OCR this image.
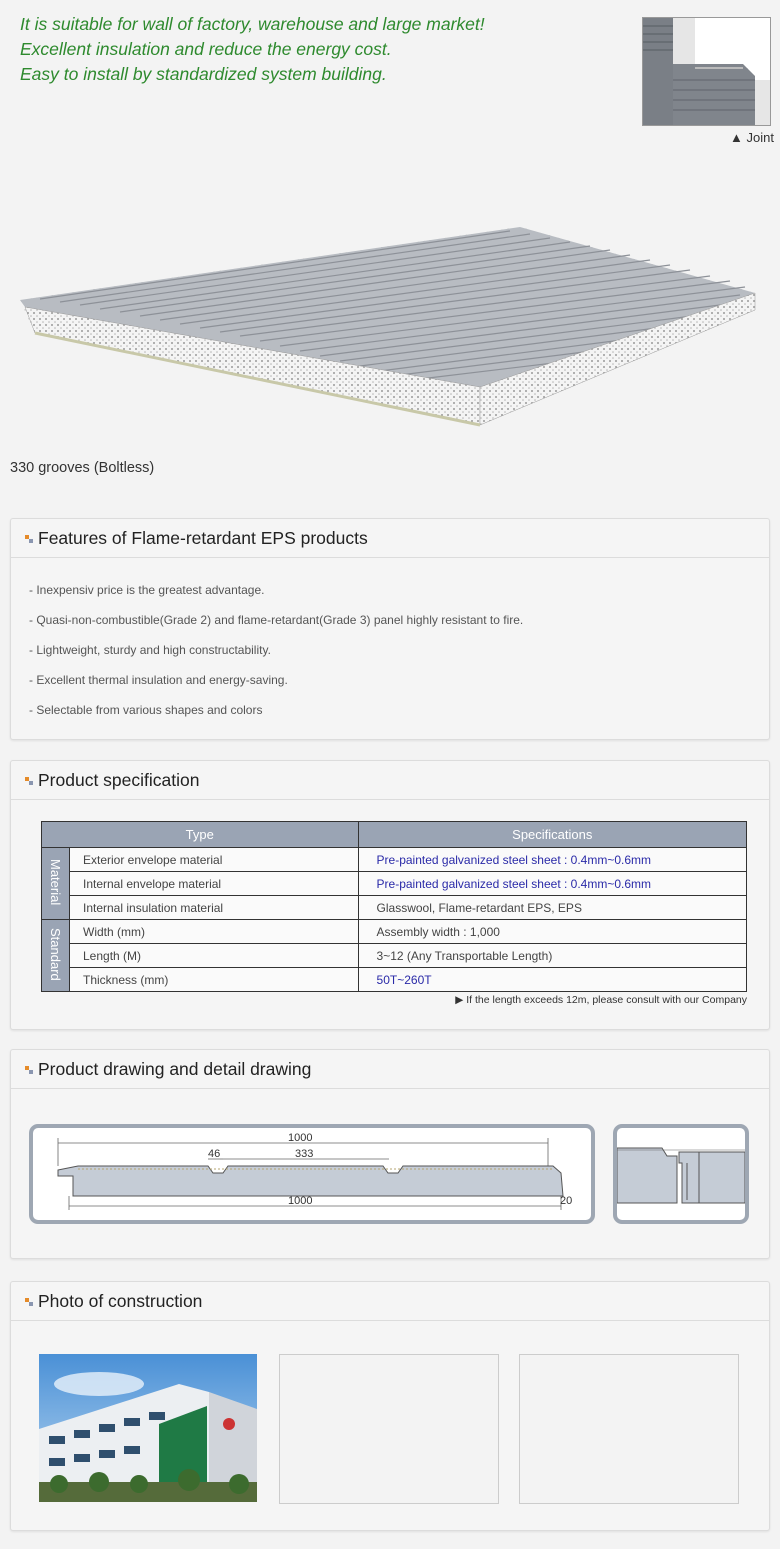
It is suitable for wall of factory, warehouse and large market!
Excellent insulation and reduce the energy cost.
Easy to install by standardized system building.
▲ Joint
330 grooves (Boltless)
Features of Flame-retardant EPS products
- Inexpensiv price is the greatest advantage.
- Quasi-non-combustible(Grade 2) and flame-retardant(Grade 3) panel highly resistant to fire.
- Lightweight, sturdy and high constructability.
- Excellent thermal insulation and energy-saving.
- Selectable from various shapes and colors
Product specification
Type		Specifications
Material	Exterior envelope material	Pre-painted galvanized steel sheet : 0.4mm~0.6mm
	Internal envelope material	Pre-painted galvanized steel sheet : 0.4mm~0.6mm
	Internal insulation material	Glasswool, Flame-retardant EPS, EPS
Standard	Width (mm)	Assembly width : 1,000
	Length (M)	3~12 (Any Transportable Length)
	Thickness (mm)	50T~260T
▶ If the length exceeds 12m, please consult with our Company
Product drawing and detail drawing
1000
46	333
1000	20
Photo of construction
